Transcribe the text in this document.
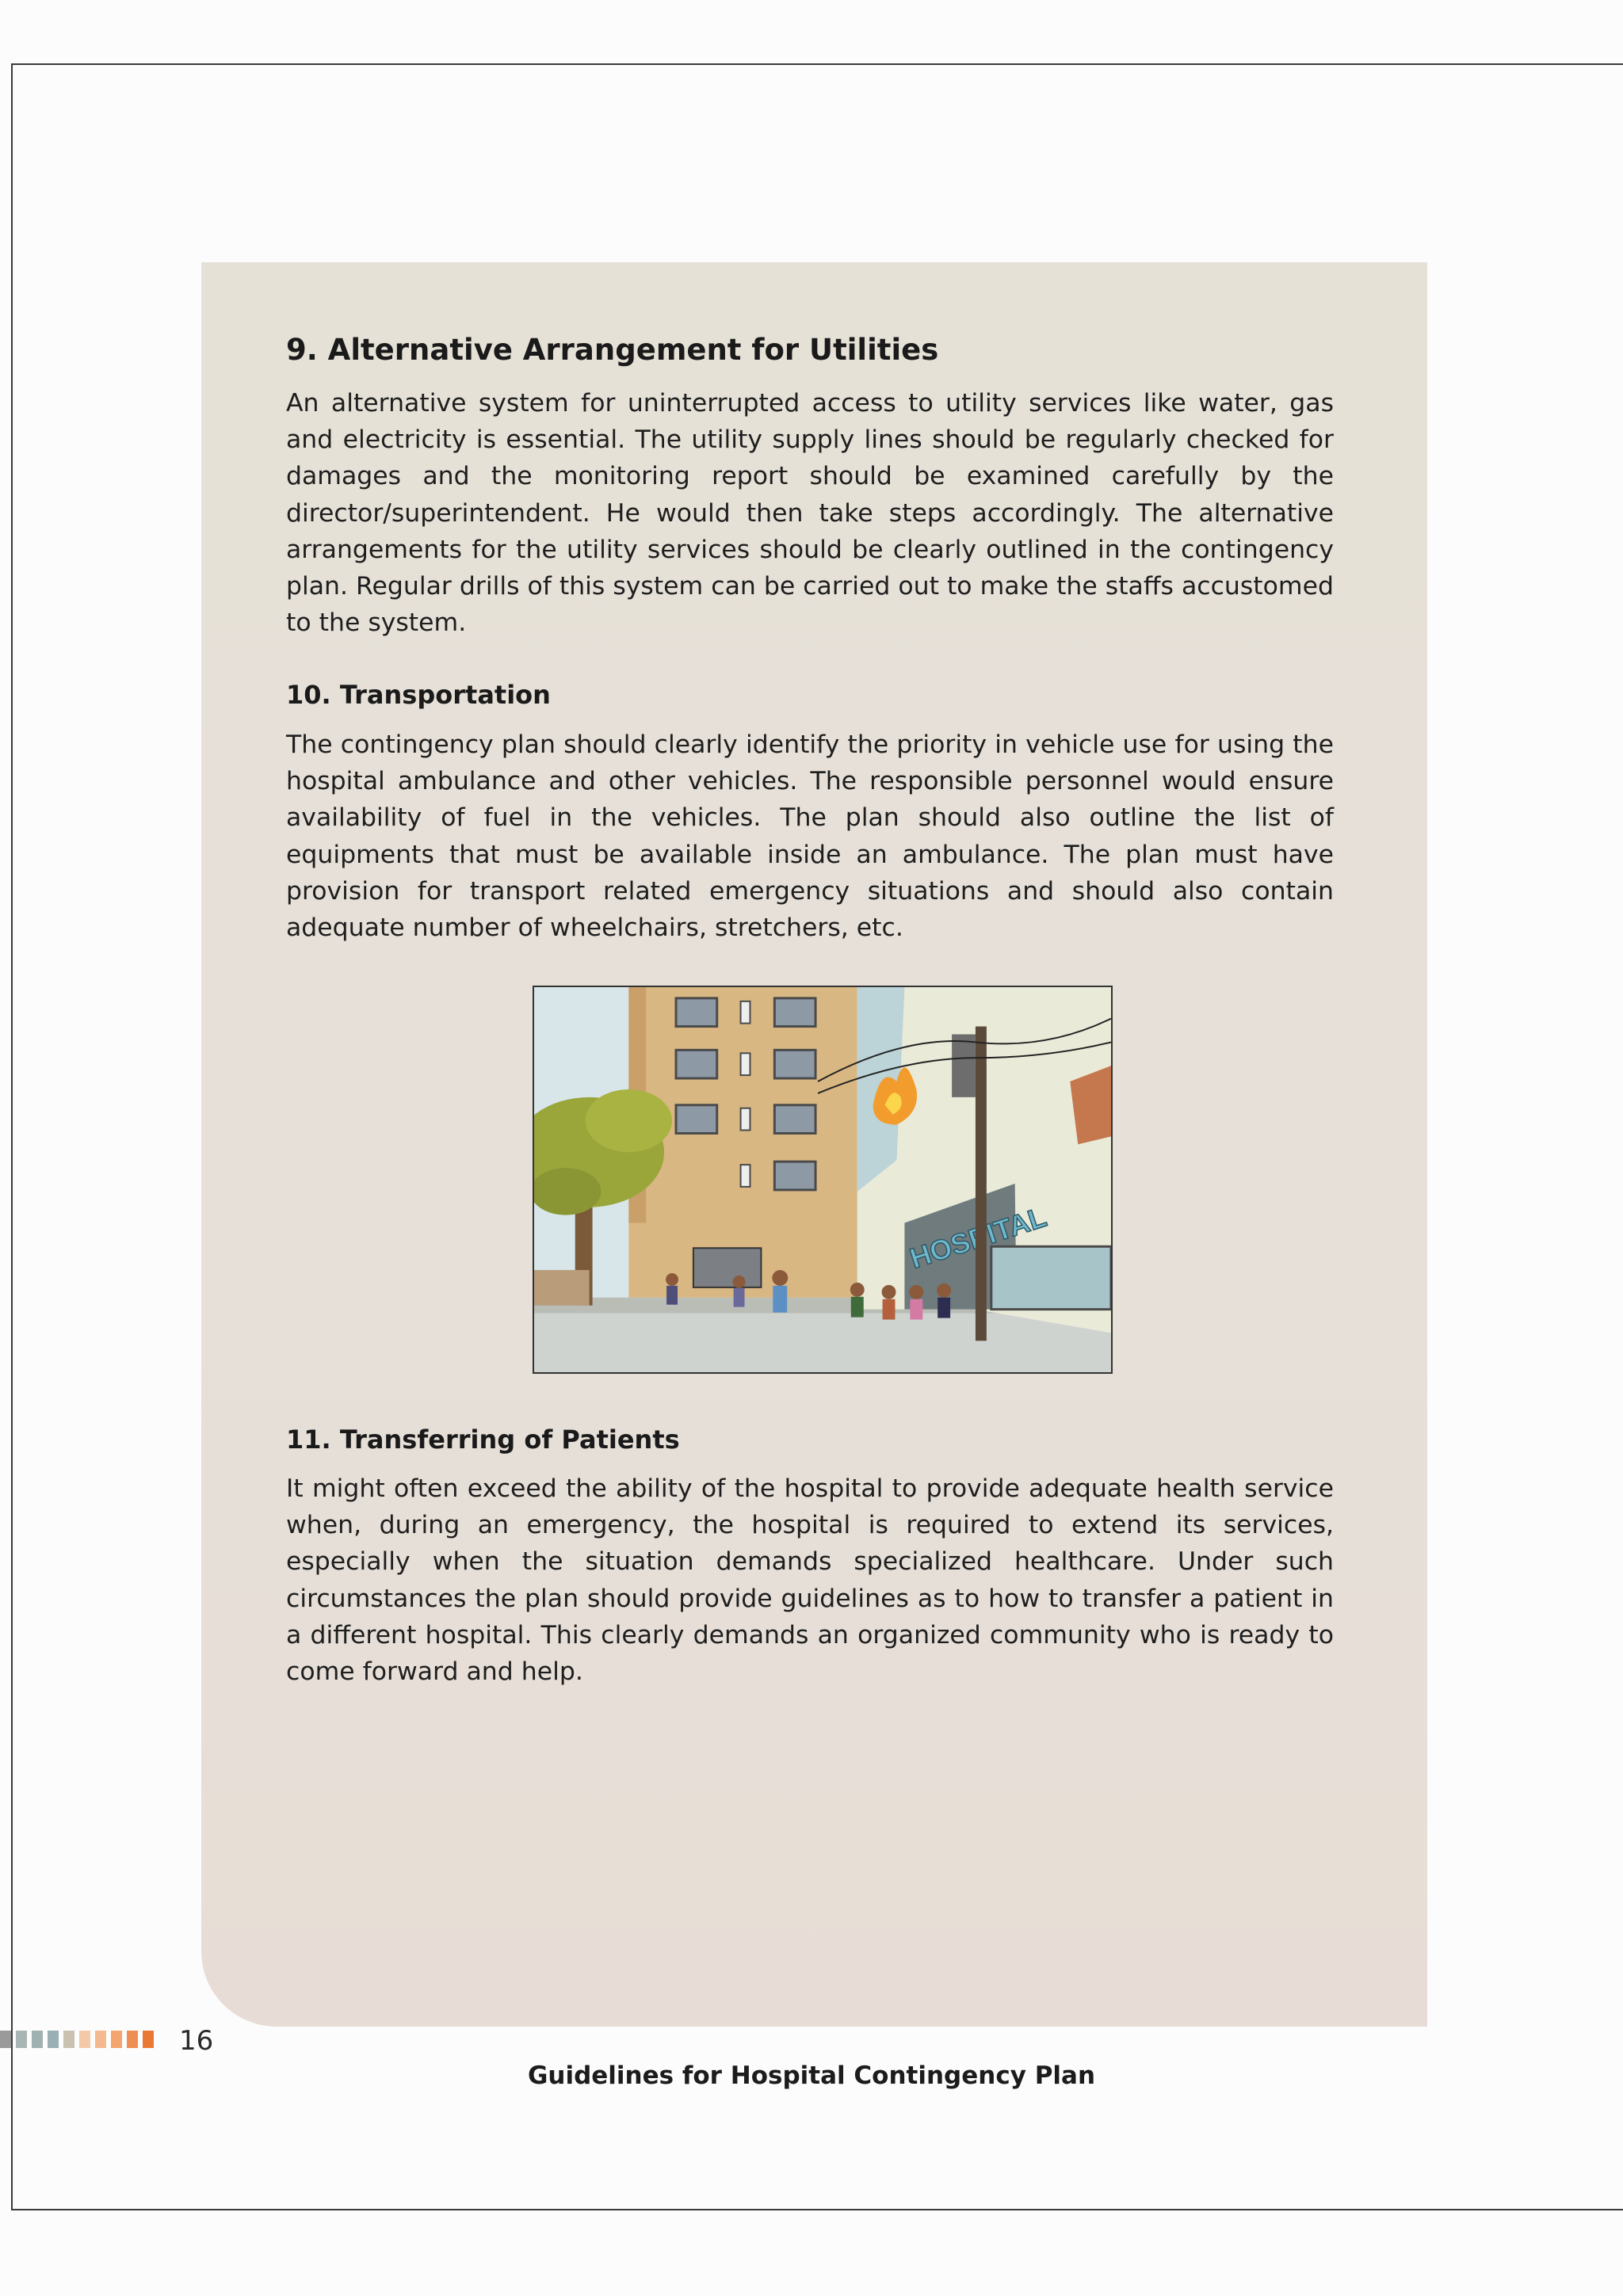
9. Alternative Arrangement for Utilities

An alternative system for uninterrupted access to utility services like water, gas and electricity is essential. The utility supply lines should be regularly checked for damages and the monitoring report should be examined carefully by the director/superintendent. He would then take steps accordingly. The alternative arrangements for the utility services should be clearly outlined in the contingency plan. Regular drills of this system can be carried out to make the staffs accustomed to the system.

10. Transportation

The contingency plan should clearly identify the priority in vehicle use for using the hospital ambulance and other vehicles. The responsible personnel would ensure availability of fuel in the vehicles. The plan should also outline the list of equipments that must be available inside an ambulance. The plan must have provision for transport related emergency situations and should also contain adequate number of wheelchairs, stretchers, etc.

11. Transferring of Patients

It might often exceed the ability of the hospital to provide adequate health service when, during an emergency, the hospital is required to extend its services, especially when the situation demands specialized healthcare. Under such circumstances the plan should provide guidelines as to how to transfer a patient in a different hospital. This clearly demands an organized community who is ready to come forward and help.

16
Guidelines for Hospital Contingency Plan
